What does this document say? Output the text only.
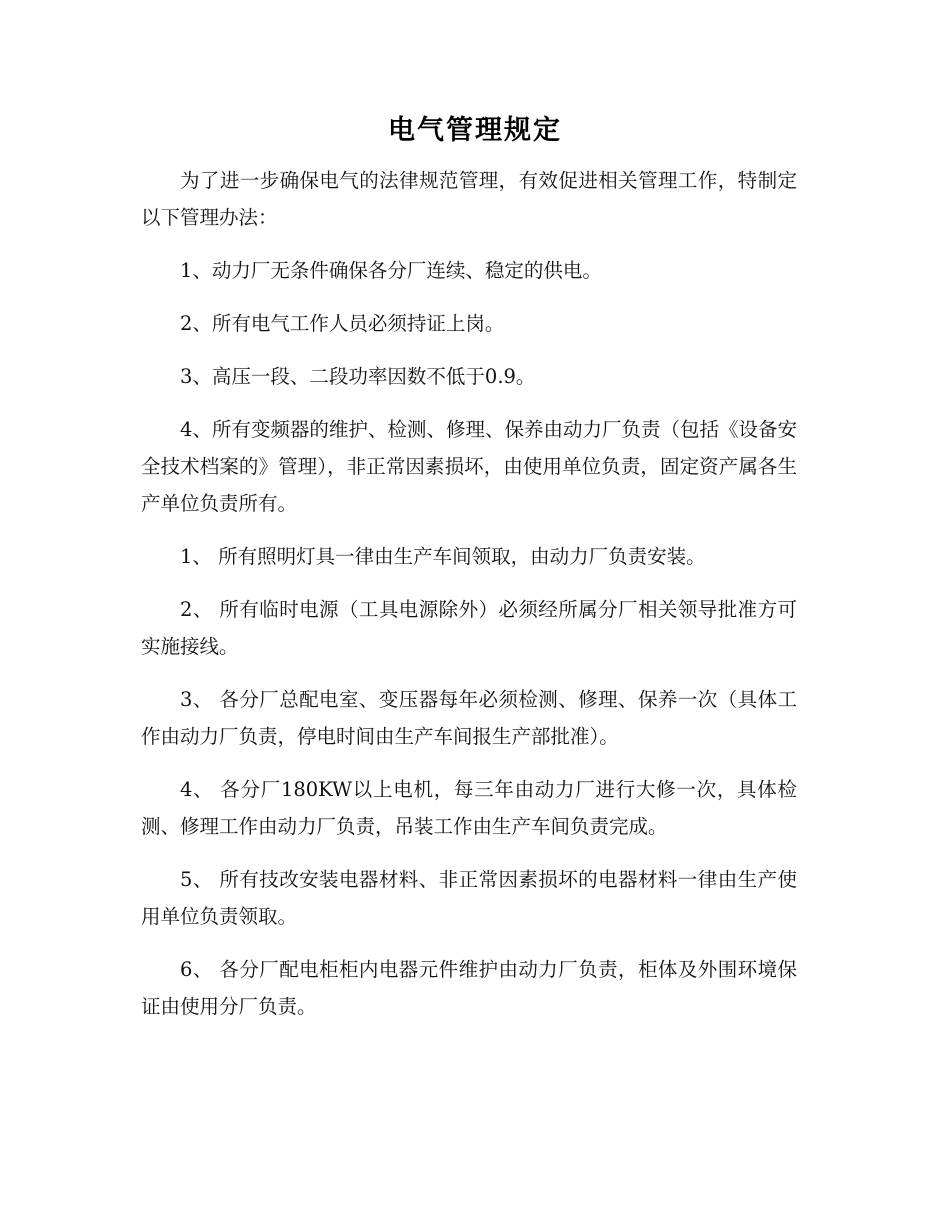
电气管理规定

为了进一步确保电气的法律规范管理，有效促进相关管理工作，特制定以下管理办法：

1、动力厂无条件确保各分厂连续、稳定的供电。

2、所有电气工作人员必须持证上岗。

3、高压一段、二段功率因数不低于0.9。

4、所有变频器的维护、检测、修理、保养由动力厂负责（包括《设备安全技术档案的》管理），非正常因素损坏，由使用单位负责，固定资产属各生产单位负责所有。

1、 所有照明灯具一律由生产车间领取，由动力厂负责安装。

2、 所有临时电源（工具电源除外）必须经所属分厂相关领导批准方可实施接线。

3、 各分厂总配电室、变压器每年必须检测、修理、保养一次（具体工作由动力厂负责，停电时间由生产车间报生产部批准）。

4、 各分厂180KW以上电机，每三年由动力厂进行大修一次，具体检测、修理工作由动力厂负责，吊装工作由生产车间负责完成。

5、 所有技改安装电器材料、非正常因素损坏的电器材料一律由生产使用单位负责领取。

6、 各分厂配电柜柜内电器元件维护由动力厂负责，柜体及外围环境保证由使用分厂负责。
